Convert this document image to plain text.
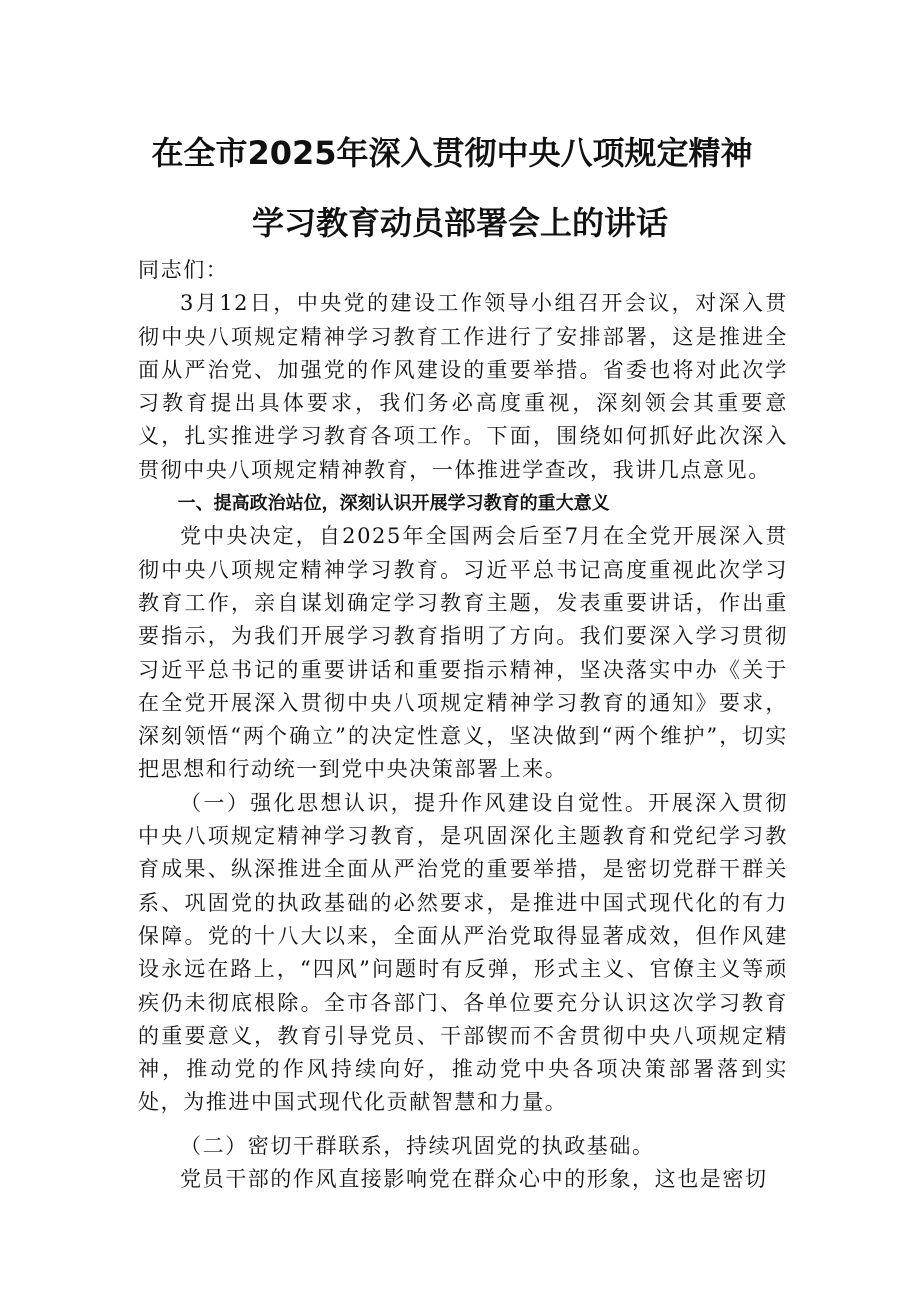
在全市2025年深入贯彻中央八项规定精神
学习教育动员部署会上的讲话

同志们：

3月12日，中央党的建设工作领导小组召开会议，对深入贯彻中央八项规定精神学习教育工作进行了安排部署，这是推进全面从严治党、加强党的作风建设的重要举措。省委也将对此次学习教育提出具体要求，我们务必高度重视，深刻领会其重要意义，扎实推进学习教育各项工作。下面，围绕如何抓好此次深入贯彻中央八项规定精神教育，一体推进学查改，我讲几点意见。

一、提高政治站位，深刻认识开展学习教育的重大意义

党中央决定，自2025年全国两会后至7月在全党开展深入贯彻中央八项规定精神学习教育。习近平总书记高度重视此次学习教育工作，亲自谋划确定学习教育主题，发表重要讲话，作出重要指示，为我们开展学习教育指明了方向。我们要深入学习贯彻习近平总书记的重要讲话和重要指示精神，坚决落实中办《关于在全党开展深入贯彻中央八项规定精神学习教育的通知》要求，深刻领悟“两个确立”的决定性意义，坚决做到“两个维护”，切实把思想和行动统一到党中央决策部署上来。

（一）强化思想认识，提升作风建设自觉性。开展深入贯彻中央八项规定精神学习教育，是巩固深化主题教育和党纪学习教育成果、纵深推进全面从严治党的重要举措，是密切党群干群关系、巩固党的执政基础的必然要求，是推进中国式现代化的有力保障。党的十八大以来，全面从严治党取得显著成效，但作风建设永远在路上，“四风”问题时有反弹，形式主义、官僚主义等顽疾仍未彻底根除。全市各部门、各单位要充分认识这次学习教育的重要意义，教育引导党员、干部锲而不舍贯彻中央八项规定精神，推动党的作风持续向好，推动党中央各项决策部署落到实处，为推进中国式现代化贡献智慧和力量。

（二）密切干群联系，持续巩固党的执政基础。

党员干部的作风直接影响党在群众心中的形象，这也是密切
